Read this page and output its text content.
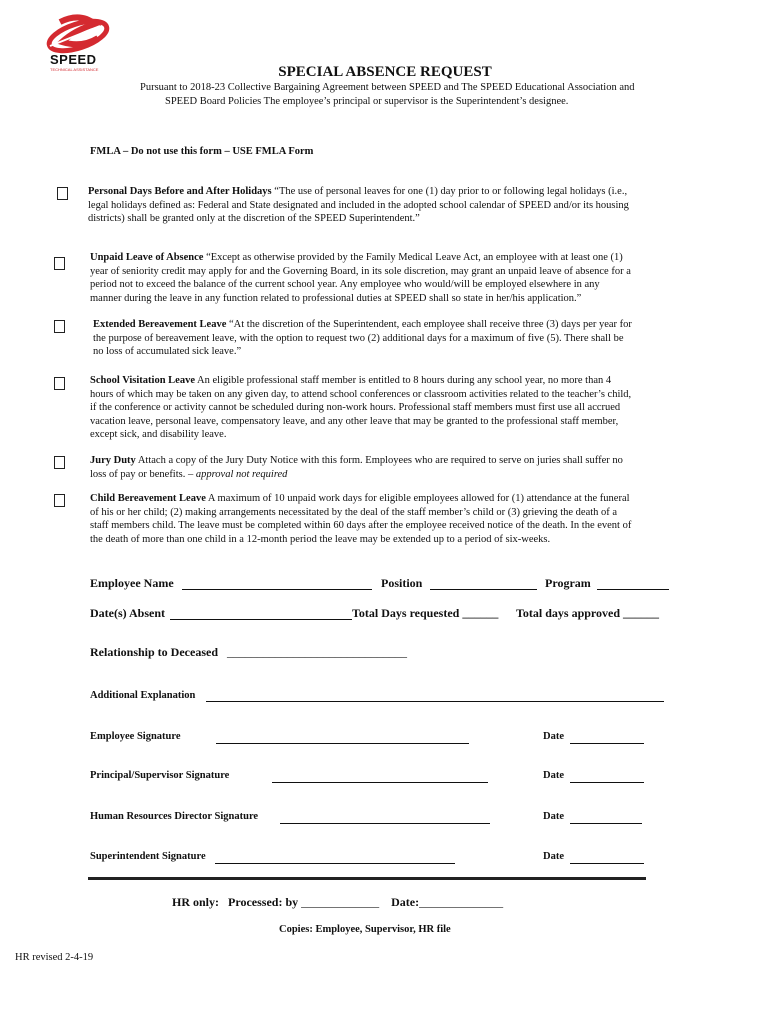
SPEED
TECHNICAL ASSISTANCE	SPECIAL ABSENCE REQUEST
Pursuant to 2018-23 Collective Bargaining Agreement between SPEED and The SPEED Educational Association and
SPEED Board Policies The employee’s principal or supervisor is the Superintendent’s designee.
FMLA – Do not use this form – USE FMLA Form
Personal Days Before and After Holidays “The use of personal leaves for one (1) day prior to or following legal holidays (i.e.,
legal holidays defined as: Federal and State designated and included in the adopted school calendar of SPEED and/or its housing
districts) shall be granted only at the discretion of the SPEED Superintendent.”
Unpaid Leave of Absence “Except as otherwise provided by the Family Medical Leave Act, an employee with at least one (1)
year of seniority credit may apply for and the Governing Board, in its sole discretion, may grant an unpaid leave of absence for a
period not to exceed the balance of the current school year. Any employee who would/will be employed elsewhere in any
manner during the leave in any function related to professional duties at SPEED shall so state in her/his application.”
Extended Bereavement Leave “At the discretion of the Superintendent, each employee shall receive three (3) days per year for
the purpose of bereavement leave, with the option to request two (2) additional days for a maximum of five (5). There shall be
no loss of accumulated sick leave.”
School Visitation Leave An eligible professional staff member is entitled to 8 hours during any school year, no more than 4
hours of which may be taken on any given day, to attend school conferences or classroom activities related to the teacher’s child,
if the conference or activity cannot be scheduled during non-work hours. Professional staff members must first use all accrued
vacation leave, personal leave, compensatory leave, and any other leave that may be granted to the professional staff member,
except sick, and disability leave.
Jury Duty Attach a copy of the Jury Duty Notice with this form. Employees who are required to serve on juries shall suffer no
loss of pay or benefits. – approval not required
Child Bereavement Leave A maximum of 10 unpaid work days for eligible employees allowed for (1) attendance at the funeral
of his or her child; (2) making arrangements necessitated by the deal of the staff member’s child or (3) grieving the death of a
staff members child. The leave must be completed within 60 days after the employee received notice of the death. In the event of
the death of more than one child in a 12-month period the leave may be extended up to a period of six-weeks.
Employee Name	Position	Program
Date(s) Absent	Total Days requested ______ Total days approved ______
Relationship to Deceased ______________________________
Additional Explanation
Employee Signature	Date
Principal/Supervisor Signature	Date
Human Resources Director Signature	Date
Superintendent Signature	Date
HR only: Processed: by _____________ Date:______________
Copies: Employee, Supervisor, HR file
HR revised 2-4-19
